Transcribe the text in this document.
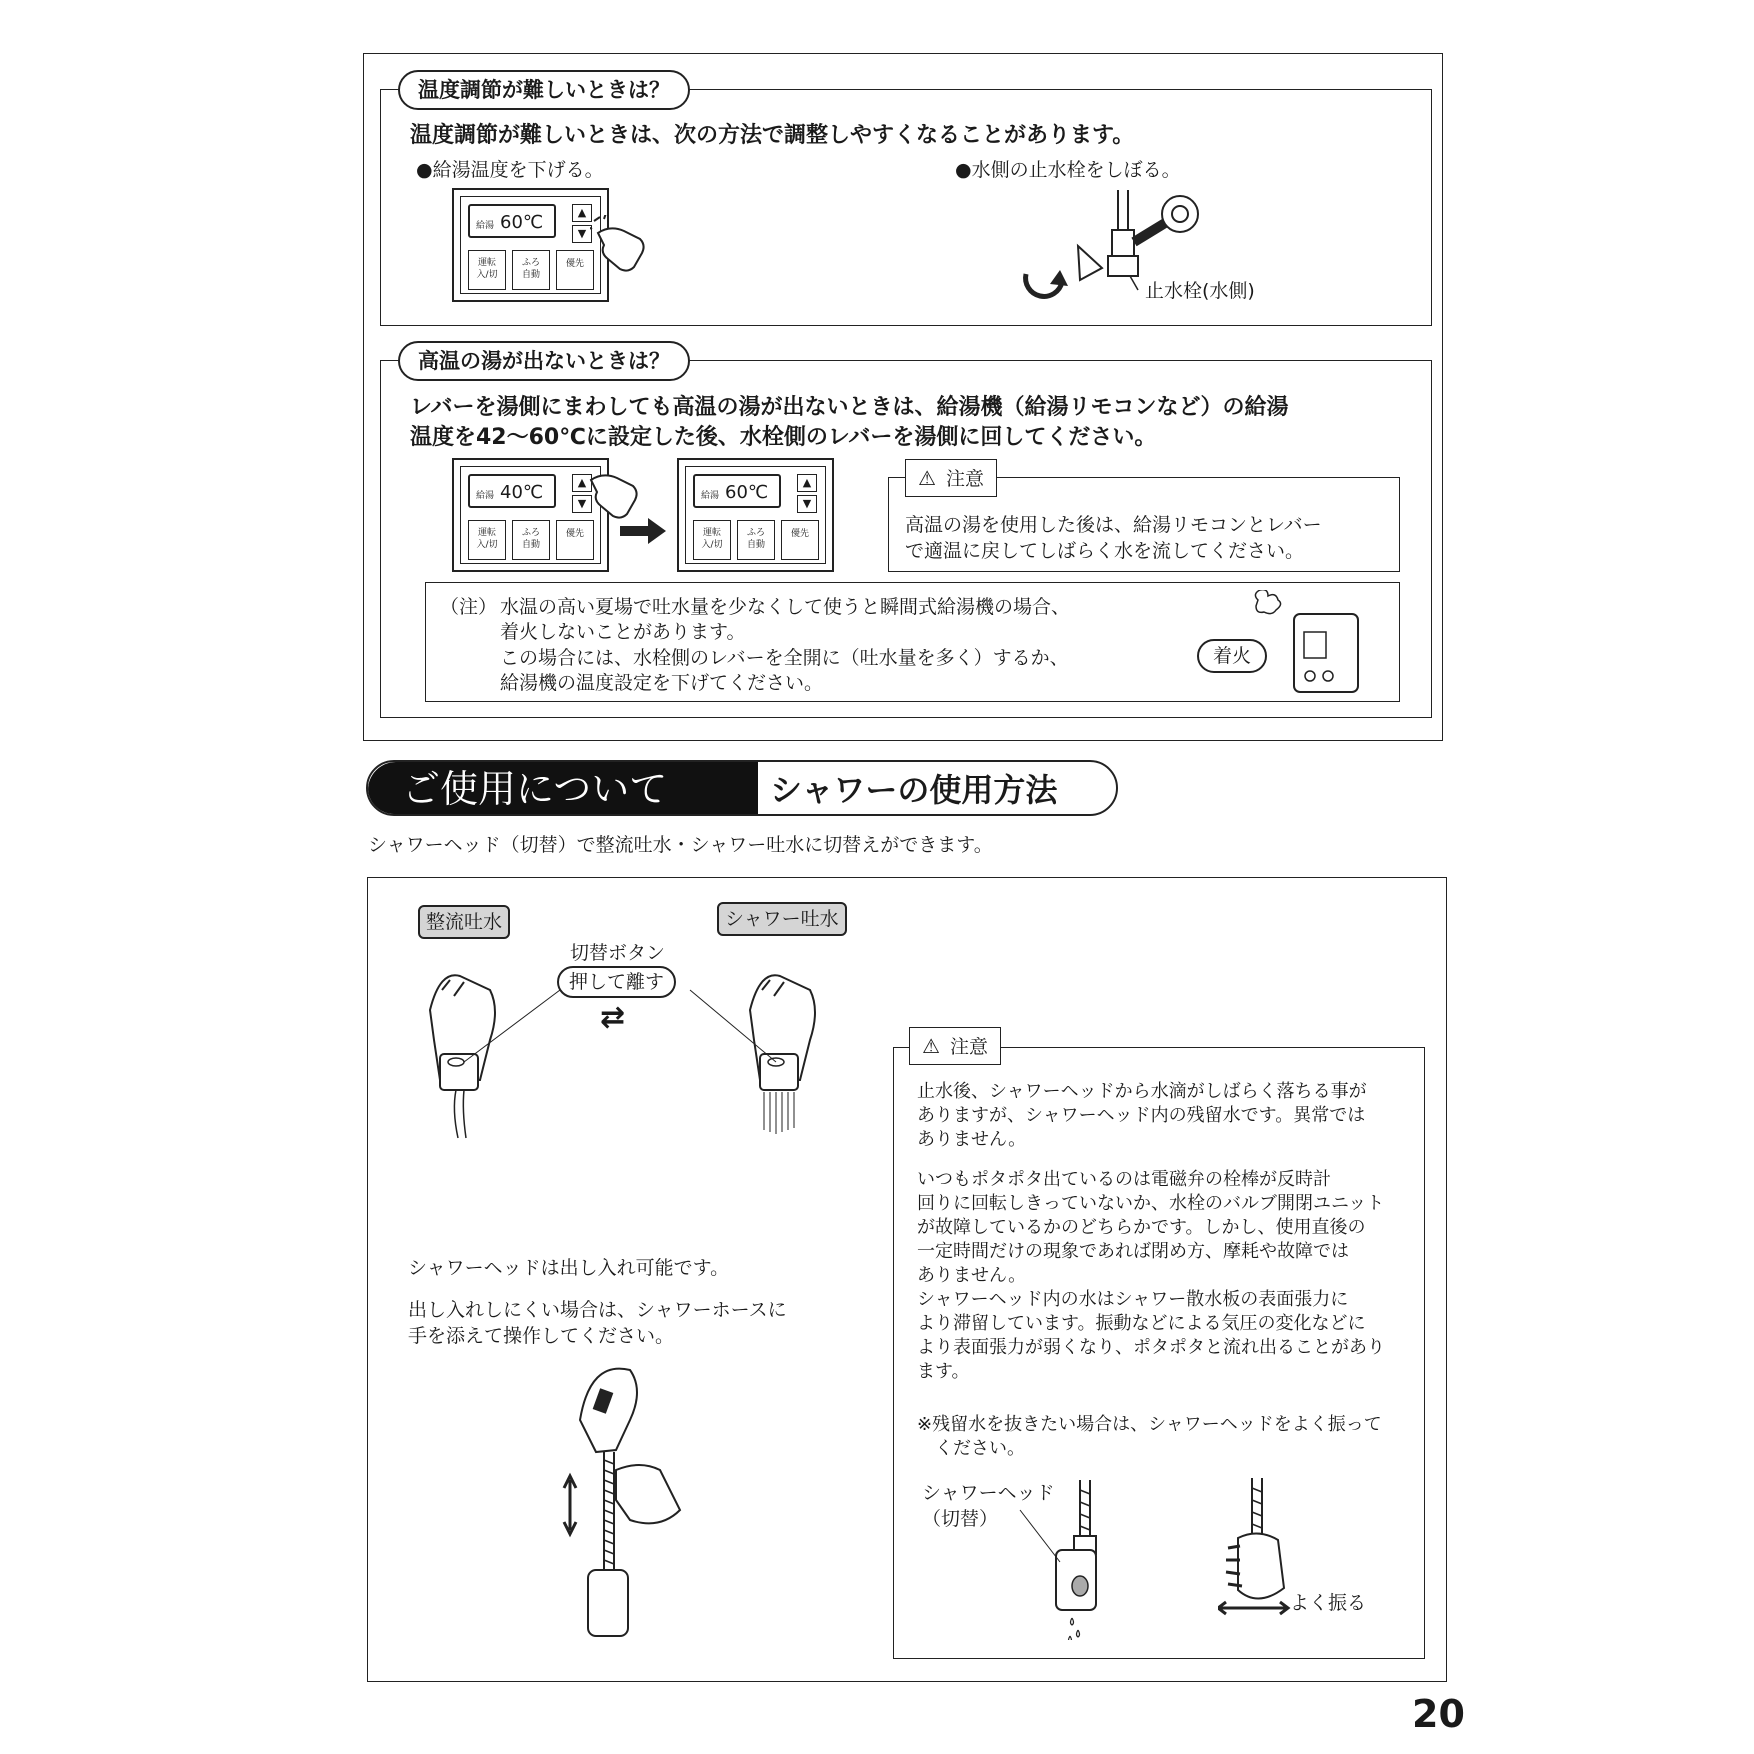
温度調節が難しいときは？
温度調節が難しいときは、次の方法で調整しやすくなることがあります。
●給湯温度を下げる。	●水側の止水栓をしぼる。
給湯 60℃	▲
▼
運転
入/切
ふろ
自動
優先
止水栓(水側)
高温の湯が出ないときは？
レバーを湯側にまわしても高温の湯が出ないときは、給湯機（給湯リモコンなど）の給湯
温度を42～60℃に設定した後、水栓側のレバーを湯側に回してください。
給湯 40℃	▲
▼
運転
入/切
ふろ
自動
優先
給湯 60℃	▲
▼
運転
入/切
ふろ
自動
優先
⚠ 注意
高温の湯を使用した後は、給湯リモコンとレバー
で適温に戻してしばらく水を流してください。
（注） 水温の高い夏場で吐水量を少なくして使うと瞬間式給湯機の場合、
着火しないことがあります。
この場合には、水栓側のレバーを全開に（吐水量を多く）するか、
給湯機の温度設定を下げてください。
着火
ご使用について	シャワーの使用方法
シャワーヘッド（切替）で整流吐水・シャワー吐水に切替えができます。
整流吐水	シャワー吐水
切替ボタン
押して離す
⇄
シャワーヘッドは出し入れ可能です。
出し入れしにくい場合は、シャワーホースに
手を添えて操作してください。
⚠ 注意
止水後、シャワーヘッドから水滴がしばらく落ちる事が
ありますが、シャワーヘッド内の残留水です。異常では
ありません。
いつもポタポタ出ているのは電磁弁の栓棒が反時計
回りに回転しきっていないか、水栓のバルブ開閉ユニット
が故障しているかのどちらかです。しかし、使用直後の
一定時間だけの現象であれば閉め方、摩耗や故障では
ありません。
シャワーヘッド内の水はシャワー散水板の表面張力に
より滞留しています。振動などによる気圧の変化などに
より表面張力が弱くなり、ポタポタと流れ出ることがあり
ます。
※残留水を抜きたい場合は、シャワーヘッドをよく振って
　ください。
シャワーヘッド
（切替）
よく振る
20
